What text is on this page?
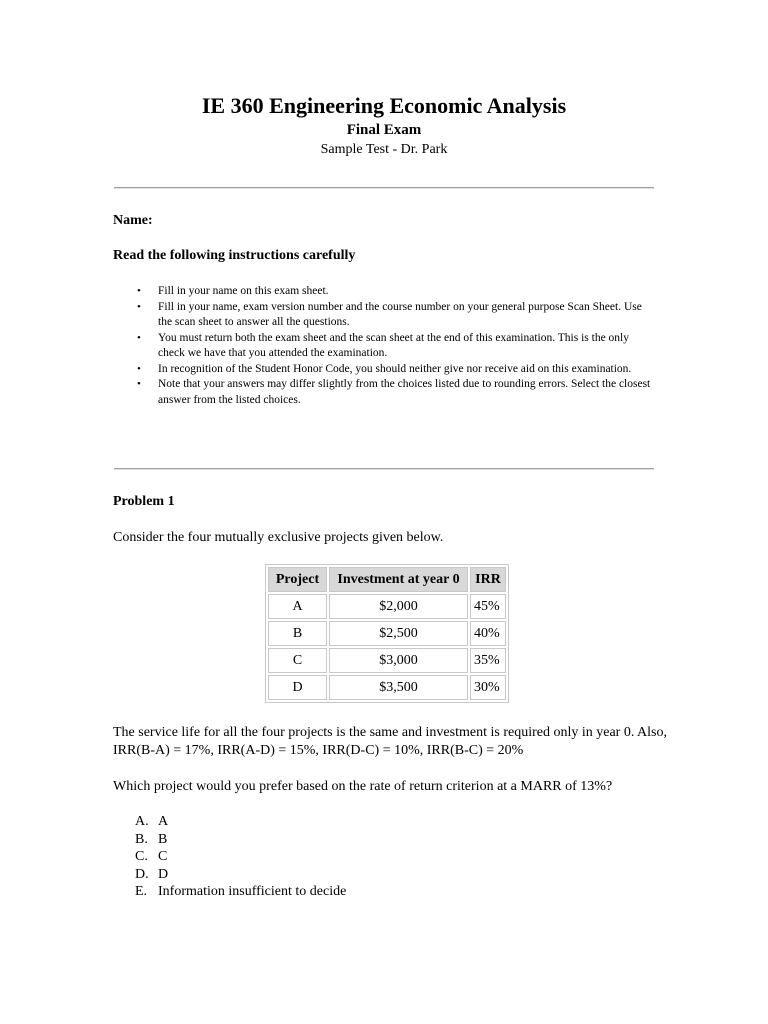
IE 360 Engineering Economic Analysis
Final Exam
Sample Test - Dr. Park
Name:
Read the following instructions carefully
• Fill in your name on this exam sheet.
• Fill in your name, exam version number and the course number on your general purpose Scan Sheet. Use the scan sheet to answer all the questions.
• You must return both the exam sheet and the scan sheet at the end of this examination. This is the only check we have that you attended the examination.
• In recognition of the Student Honor Code, you should neither give nor receive aid on this examination.
• Note that your answers may differ slightly from the choices listed due to rounding errors. Select the closest answer from the listed choices.
Problem 1
Consider the four mutually exclusive projects given below.
Project	Investment at year 0	IRR
A	$2,000	45%
B	$2,500	40%
C	$3,000	35%
D	$3,500	30%
The service life for all the four projects is the same and investment is required only in year 0. Also, IRR(B-A) = 17%, IRR(A-D) = 15%, IRR(D-C) = 10%, IRR(B-C) = 20%
Which project would you prefer based on the rate of return criterion at a MARR of 13%?
A. A
B. B
C. C
D. D
E. Information insufficient to decide
